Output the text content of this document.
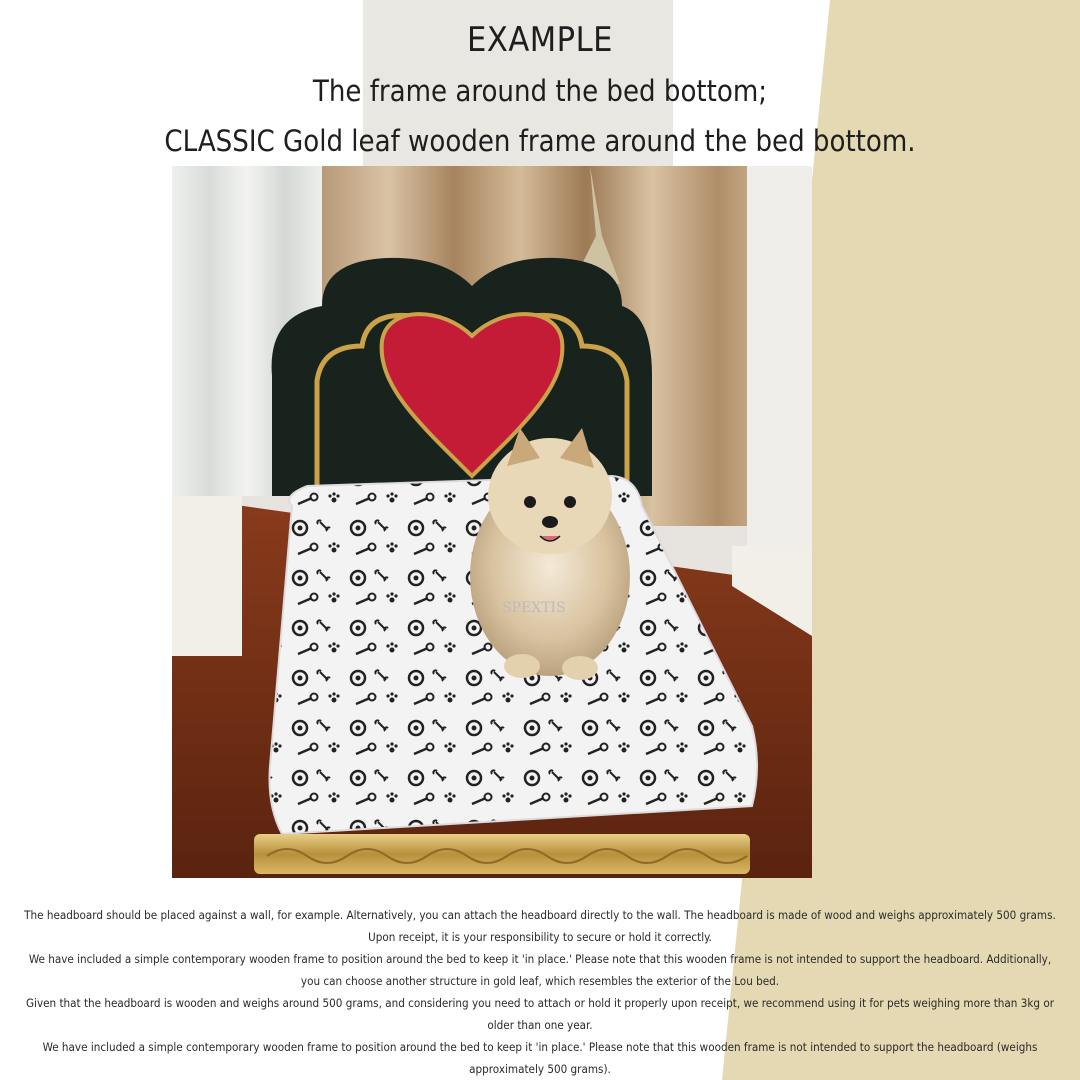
EXAMPLE
The frame around the bed bottom;
CLASSIC Gold leaf wooden frame around the bed bottom.
SPEXTIS

The headboard should be placed against a wall, for example. Alternatively, you can attach the headboard directly to the wall. The headboard is made of wood and weighs approximately 500 grams. Upon receipt, it is your responsibility to secure or hold it correctly.

We have included a simple contemporary wooden frame to position around the bed to keep it 'in place.' Please note that this wooden frame is not intended to support the headboard. Additionally, you can choose another structure in gold leaf, which resembles the exterior of the Lou bed.

Given that the headboard is wooden and weighs around 500 grams, and considering you need to attach or hold it properly upon receipt, we recommend using it for pets weighing more than 3kg or older than one year.

We have included a simple contemporary wooden frame to position around the bed to keep it 'in place.' Please note that this wooden frame is not intended to support the headboard (weighs approximately 500 grams).
